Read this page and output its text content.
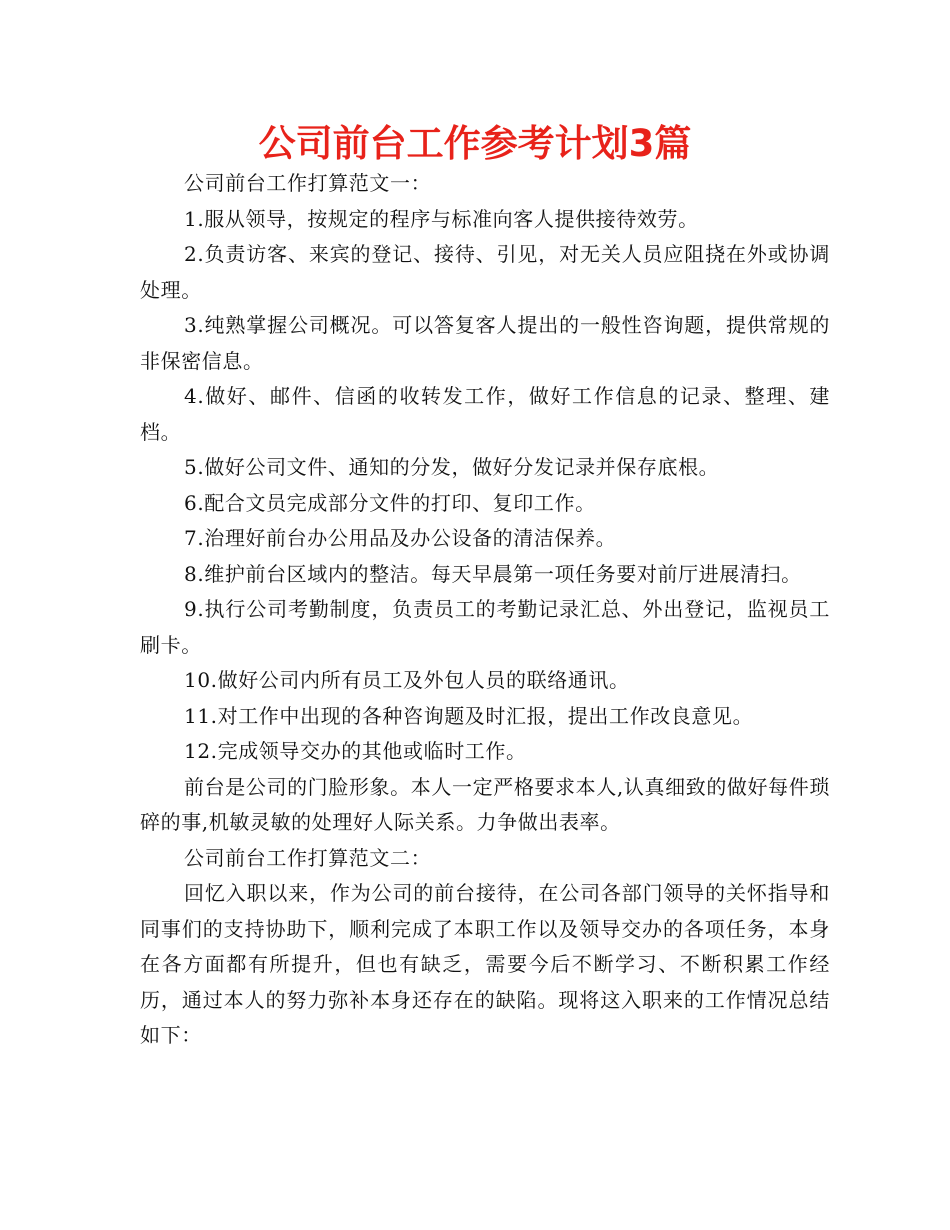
公司前台工作参考计划3篇

公司前台工作打算范文一：

1.服从领导，按规定的程序与标准向客人提供接待效劳。

2.负责访客、来宾的登记、接待、引见，对无关人员应阻挠在外或协调处理。

3.纯熟掌握公司概况。可以答复客人提出的一般性咨询题，提供常规的非保密信息。

4.做好、邮件、信函的收转发工作，做好工作信息的记录、整理、建档。

5.做好公司文件、通知的分发，做好分发记录并保存底根。

6.配合文员完成部分文件的打印、复印工作。

7.治理好前台办公用品及办公设备的清洁保养。

8.维护前台区域内的整洁。每天早晨第一项任务要对前厅进展清扫。

9.执行公司考勤制度，负责员工的考勤记录汇总、外出登记，监视员工刷卡。

10.做好公司内所有员工及外包人员的联络通讯。

11.对工作中出现的各种咨询题及时汇报，提出工作改良意见。

12.完成领导交办的其他或临时工作。

前台是公司的门脸形象。本人一定严格要求本人,认真细致的做好每件琐碎的事,机敏灵敏的处理好人际关系。力争做出表率。

公司前台工作打算范文二：

回忆入职以来，作为公司的前台接待，在公司各部门领导的关怀指导和同事们的支持协助下，顺利完成了本职工作以及领导交办的各项任务，本身在各方面都有所提升，但也有缺乏，需要今后不断学习、不断积累工作经历，通过本人的努力弥补本身还存在的缺陷。现将这入职来的工作情况总结如下：
